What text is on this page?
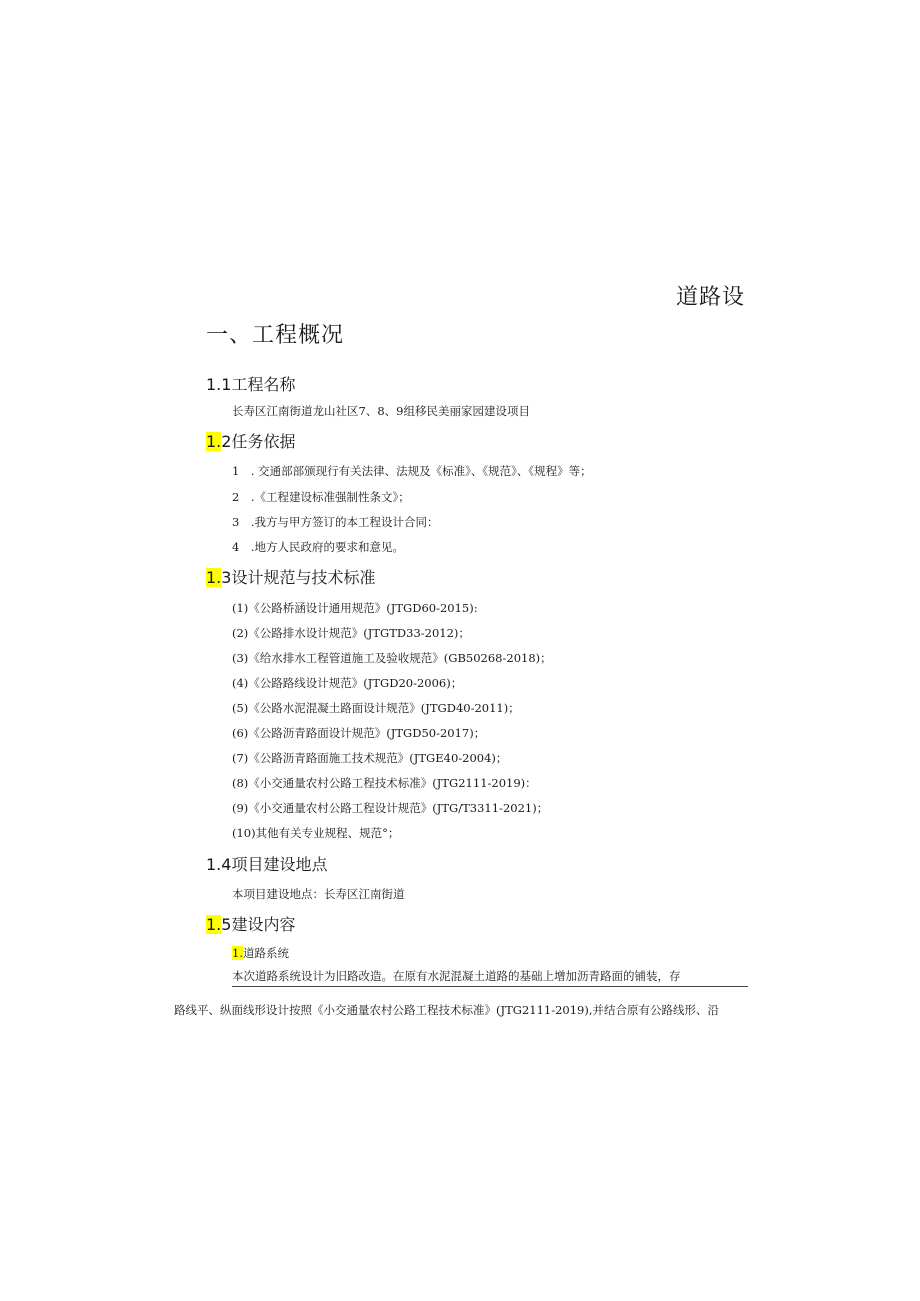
道路设
一、工程概况
1.1工程名称
长寿区江南街道龙山社区7、8、9组移民美丽家园建设项目
1.2任务依据
1　. 交通部部颁现行有关法律、法规及《标准》、《规范》、《规程》等；
2　.《工程建设标准强制性条文》；
3　.我方与甲方签订的本工程设计合同：
4　.地方人民政府的要求和意见。
1.3设计规范与技术标准
(1)《公路桥涵设计通用规范》(JTGD60-2015):
(2)《公路排水设计规范》(JTGTD33-2012)；
(3)《给水排水工程管道施工及验收规范》(GB50268-2018)；
(4)《公路路线设计规范》(JTGD20-2006)；
(5)《公路水泥混凝土路面设计规范》(JTGD40-2011)；
(6)《公路沥青路面设计规范》(JTGD50-2017)；
(7)《公路沥青路面施工技术规范》(JTGE40-2004)；
(8)《小交通量农村公路工程技术标准》(JTG2111-2019)：
(9)《小交通量农村公路工程设计规范》(JTG/T3311-2021)；
(10)其他有关专业规程、规范°；
1.4项目建设地点
本项目建设地点：长寿区江南街道
1.5建设内容
1.道路系统
本次道路系统设计为旧路改造。在原有水泥混凝土道路的基础上增加沥青路面的铺装，存
路线平、纵面线形设计按照《小交通量农村公路工程技术标准》(JTG2111-2019),并结合原有公路线形、沿
